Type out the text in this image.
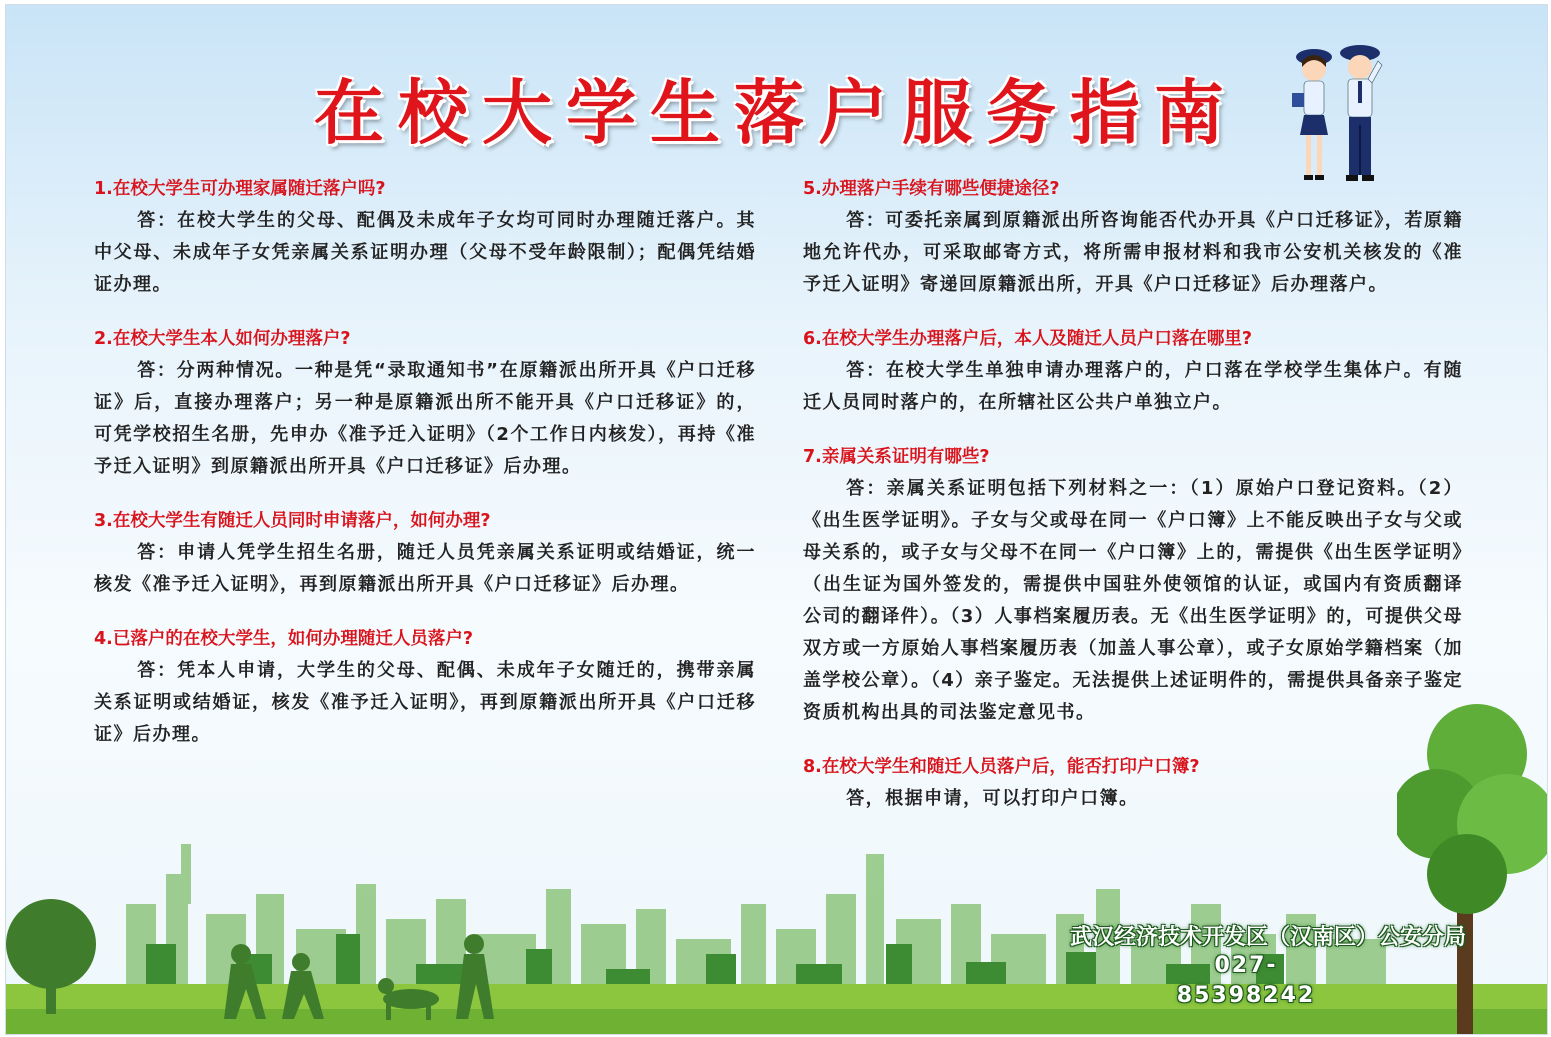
在校大学生落户服务指南

1.在校大学生可办理家属随迁落户吗?

答：在校大学生的父母、配偶及未成年子女均可同时办理随迁落户。其中父母、未成年子女凭亲属关系证明办理（父母不受年龄限制）；配偶凭结婚证办理。

2.在校大学生本人如何办理落户?

答：分两种情况。一种是凭“录取通知书”在原籍派出所开具《户口迁移证》后，直接办理落户；另一种是原籍派出所不能开具《户口迁移证》的，可凭学校招生名册，先申办《准予迁入证明》（2个工作日内核发），再持《准予迁入证明》到原籍派出所开具《户口迁移证》后办理。

3.在校大学生有随迁人员同时申请落户，如何办理?

答：申请人凭学生招生名册，随迁人员凭亲属关系证明或结婚证，统一核发《准予迁入证明》，再到原籍派出所开具《户口迁移证》后办理。

4.已落户的在校大学生，如何办理随迁人员落户?

答：凭本人申请，大学生的父母、配偶、未成年子女随迁的，携带亲属关系证明或结婚证，核发《准予迁入证明》，再到原籍派出所开具《户口迁移证》后办理。

5.办理落户手续有哪些便捷途径?

答：可委托亲属到原籍派出所咨询能否代办开具《户口迁移证》，若原籍地允许代办，可采取邮寄方式，将所需申报材料和我市公安机关核发的《准予迁入证明》寄递回原籍派出所，开具《户口迁移证》后办理落户。

6.在校大学生办理落户后，本人及随迁人员户口落在哪里?

答：在校大学生单独申请办理落户的，户口落在学校学生集体户。有随迁人员同时落户的，在所辖社区公共户单独立户。

7.亲属关系证明有哪些?

答：亲属关系证明包括下列材料之一：（1）原始户口登记资料。（2）《出生医学证明》。子女与父或母在同一《户口簿》上不能反映出子女与父或母关系的，或子女与父母不在同一《户口簿》上的，需提供《出生医学证明》（出生证为国外签发的，需提供中国驻外使领馆的认证，或国内有资质翻译公司的翻译件）。（3）人事档案履历表。无《出生医学证明》的，可提供父母双方或一方原始人事档案履历表（加盖人事公章），或子女原始学籍档案（加盖学校公章）。（4）亲子鉴定。无法提供上述证明件的，需提供具备亲子鉴定资质机构出具的司法鉴定意见书。

8.在校大学生和随迁人员落户后，能否打印户口簿?

答，根据申请，可以打印户口簿。

武汉经济技术开发区（汉南区）公安分局
027-85398242
